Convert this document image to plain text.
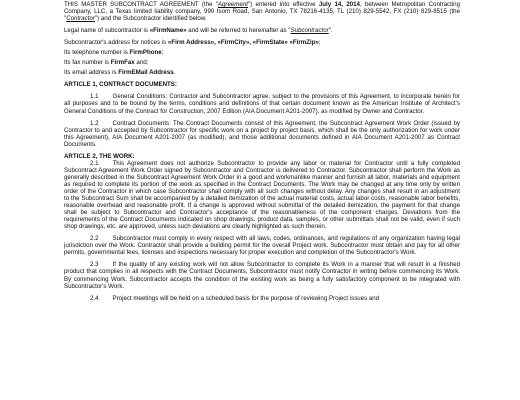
THIS MASTER SUBCONTRACT AGREEMENT (the "Agreement") entered into effective July 14, 2014, between Metropolitan Contracting Company, LLC, a Texas limited liability company, 990 Isom Road, San Antonio, TX 78216-4135, TL (210) 829-5542, FX (210) 829-8515 (the "Contractor") and the Subcontractor identified below.

Legal name of subcontractor is «FirmName» and will be referred to hereinafter as "Subcontractor".

Subcontractor's address for notices is «Firm Address», «FirmCity», «FirmState» «FirmZip»;

Its telephone number is FirmPhone;

Its fax number is FirmFax and;

Its email address is FirmEMail Address.

ARTICLE 1, CONTRACT DOCUMENTS:

1.1 General Conditions: Contractor and Subcontractor agree, subject to the provisions of this Agreement, to incorporate herein for all purposes and to be bound by the terms, conditions and definitions of that certain document known as the American Institute of Architect's General Conditions of the Contract for Construction, 2007 Edition (AIA Document A201-2007), as modified by Owner and Contractor.

1.2 Contract Documents: The Contract Documents consist of this Agreement, the Subcontract Agreement Work Order (issued by Contractor to and accepted by Subcontractor for specific work on a project by project basis, which shall be the only authorization for work under this Agreement), AIA Document A201-2007 (as modified), and those additional documents defined in AIA Document A201-2007 as Contract Documents.

ARTICLE 2, THE WORK:

2.1 This Agreement does not authorize Subcontractor to provide any labor or material for Contractor until a fully completed Subcontract Agreement Work Order signed by Subcontractor and Contractor is delivered to Contractor. Subcontractor shall perform the Work as generally described in the Subcontract Agreement Work Order in a good and workmanlike manner and furnish all labor, materials and equipment as required to complete its portion of the work as specified in the Contract Documents. The Work may be changed at any time only by written order of the Contractor in which case Subcontractor shall comply with all such changes without delay. Any changes shall result in an adjustment to the Subcontract Sum shall be accompanied by a detailed itemization of the actual material costs, actual labor costs, reasonable labor benefits, reasonable overhead and reasonable profit. If a change is approved without submittal of the detailed itemization, the payment for that change shall be subject to Subcontractor and Contractor's acceptance of the reasonableness of the component charges. Deviations from the requirements of the Contract Documents indicated on shop drawings, product data, samples, or other submittals shall not be valid, even if such shop drawings, etc. are approved, unless such deviations are clearly highlighted as such therein.

2.2 Subcontractor must comply in every respect with all laws, codes, ordinances, and regulations of any organization having legal jurisdiction over the Work. Contractor shall provide a building permit for the overall Project work. Subcontractor must obtain and pay for all other permits, governmental fees, licenses and inspections necessary for proper execution and completion of the Subcontractor's Work.

2.3 If the quality of any existing work will not allow Subcontractor to complete its Work in a manner that will result in a finished product that complies in all respects with the Contract Documents, Subcontractor must notify Contractor in writing before commencing its Work. By commencing Work, Subcontractor accepts the condition of the existing work as being a fully satisfactory component to be integrated with Subcontractor's Work.

2.4 Project meetings will be held on a scheduled basis for the purpose of reviewing Project issues and
